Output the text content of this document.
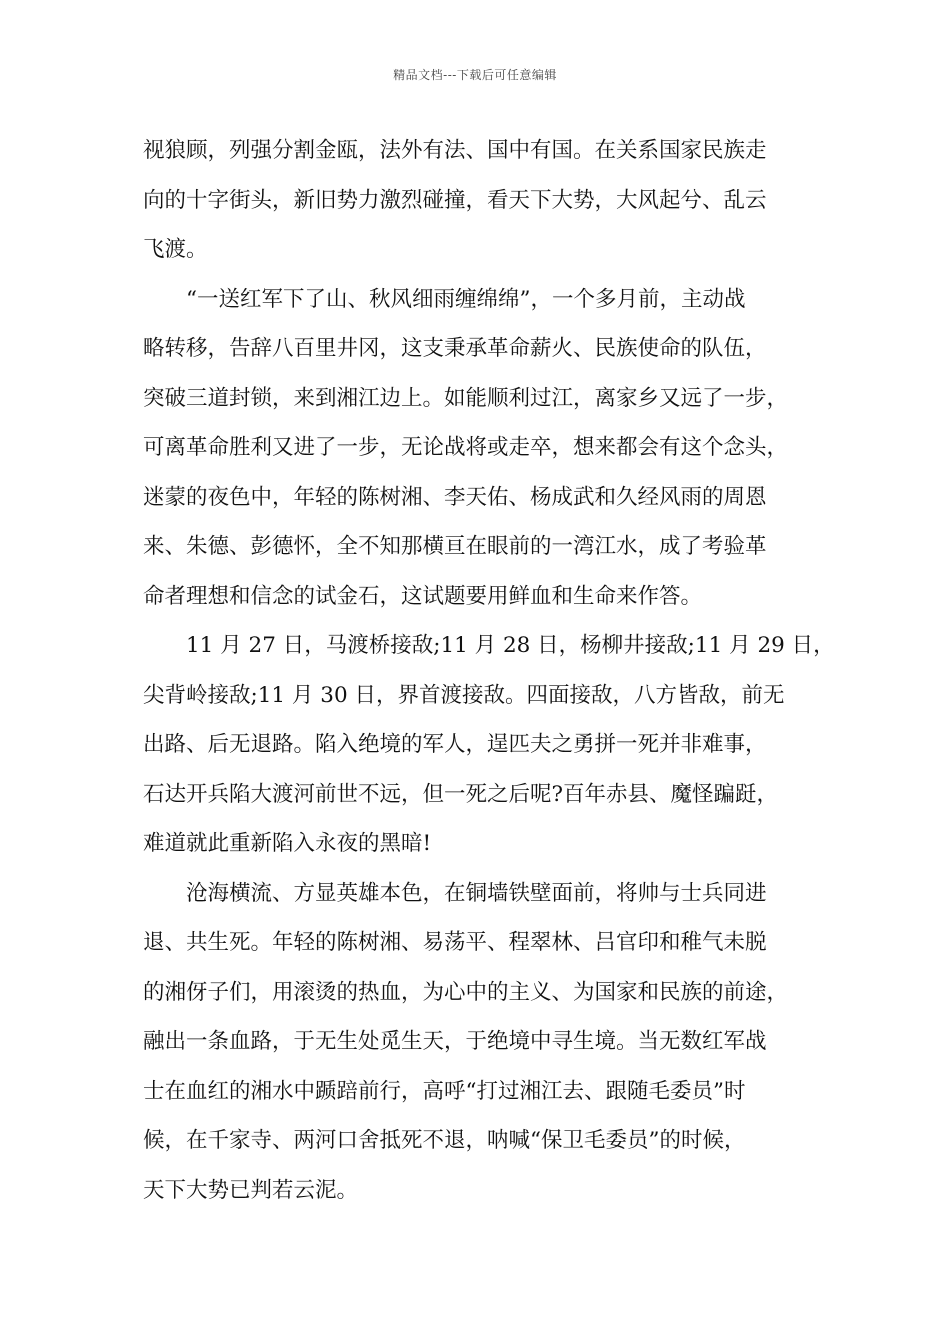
精品文档---下载后可任意编辑
视狼顾，列强分割金瓯，法外有法、国中有国。在关系国家民族走
向的十字街头，新旧势力激烈碰撞，看天下大势，大风起兮、乱云
飞渡。
“一送红军下了山、秋风细雨缠绵绵”，一个多月前，主动战
略转移，告辞八百里井冈，这支秉承革命薪火、民族使命的队伍，
突破三道封锁，来到湘江边上。如能顺利过江，离家乡又远了一步，
可离革命胜利又进了一步，无论战将或走卒，想来都会有这个念头，
迷蒙的夜色中，年轻的陈树湘、李天佑、杨成武和久经风雨的周恩
来、朱德、彭德怀，全不知那横亘在眼前的一湾江水，成了考验革
命者理想和信念的试金石，这试题要用鲜血和生命来作答。
11 月 27 日，马渡桥接敌;11 月 28 日，杨柳井接敌;11 月 29 日，
尖背岭接敌;11 月 30 日，界首渡接敌。四面接敌，八方皆敌，前无
出路、后无退路。陷入绝境的军人，逞匹夫之勇拼一死并非难事，
石达开兵陷大渡河前世不远，但一死之后呢?百年赤县、魔怪蹁跹，
难道就此重新陷入永夜的黑暗!
沧海横流、方显英雄本色，在铜墙铁壁面前，将帅与士兵同进
退、共生死。年轻的陈树湘、易荡平、程翠林、吕官印和稚气未脱
的湘伢子们，用滚烫的热血，为心中的主义、为国家和民族的前途，
融出一条血路，于无生处觅生天，于绝境中寻生境。当无数红军战
士在血红的湘水中踬踣前行，高呼“打过湘江去、跟随毛委员”时
候，在千家寺、两河口舍抵死不退，呐喊“保卫毛委员”的时候，
天下大势已判若云泥。
